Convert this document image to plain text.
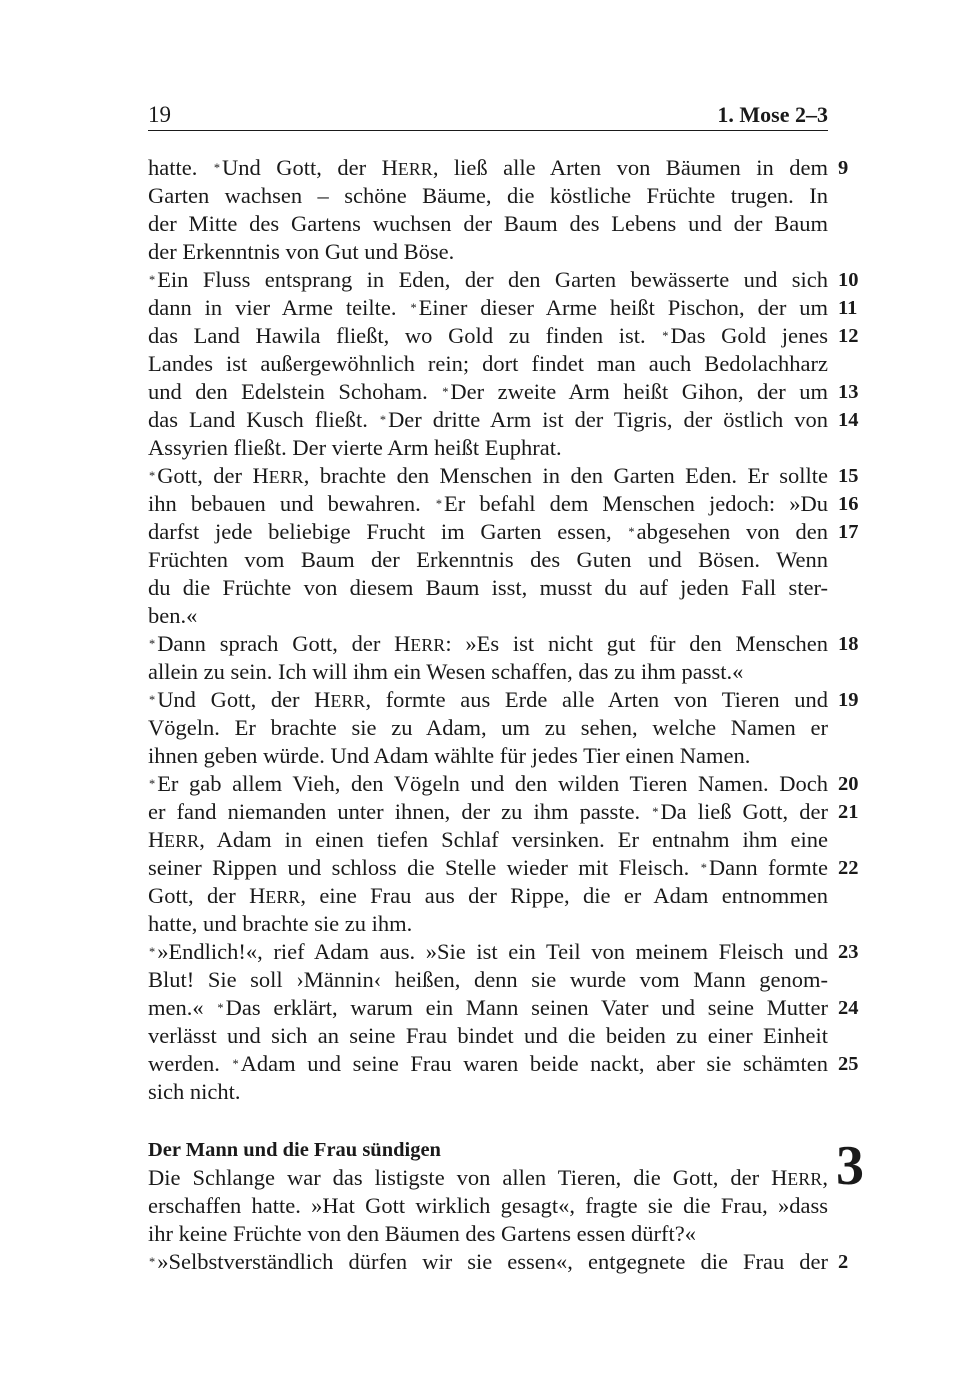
19	1. Mose 2–3
hatte. *Und Gott, der HERR, ließ alle Arten von Bäumen in dem 9
Garten wachsen – schöne Bäume, die köstliche Früchte trugen. In
der Mitte des Gartens wuchsen der Baum des Lebens und der Baum
der Erkenntnis von Gut und Böse.
*Ein Fluss entsprang in Eden, der den Garten bewässerte und sich 10
dann in vier Arme teilte. *Einer dieser Arme heißt Pischon, der um 11
das Land Hawila fließt, wo Gold zu finden ist. *Das Gold jenes 12
Landes ist außergewöhnlich rein; dort findet man auch Bedolachharz
und den Edelstein Schoham. *Der zweite Arm heißt Gihon, der um 13
das Land Kusch fließt. *Der dritte Arm ist der Tigris, der östlich von 14
Assyrien fließt. Der vierte Arm heißt Euphrat.
*Gott, der HERR, brachte den Menschen in den Garten Eden. Er sollte 15
ihn bebauen und bewahren. *Er befahl dem Menschen jedoch: »Du 16
darfst jede beliebige Frucht im Garten essen, *abgesehen von den 17
Früchten vom Baum der Erkenntnis des Guten und Bösen. Wenn
du die Früchte von diesem Baum isst, musst du auf jeden Fall ster-
ben.«
*Dann sprach Gott, der HERR: »Es ist nicht gut für den Menschen 18
allein zu sein. Ich will ihm ein Wesen schaffen, das zu ihm passt.«
*Und Gott, der HERR, formte aus Erde alle Arten von Tieren und 19
Vögeln. Er brachte sie zu Adam, um zu sehen, welche Namen er
ihnen geben würde. Und Adam wählte für jedes Tier einen Namen.
*Er gab allem Vieh, den Vögeln und den wilden Tieren Namen. Doch 20
er fand niemanden unter ihnen, der zu ihm passte. *Da ließ Gott, der 21
HERR, Adam in einen tiefen Schlaf versinken. Er entnahm ihm eine
seiner Rippen und schloss die Stelle wieder mit Fleisch. *Dann formte 22
Gott, der HERR, eine Frau aus der Rippe, die er Adam entnommen
hatte, und brachte sie zu ihm.
*»Endlich!«, rief Adam aus. »Sie ist ein Teil von meinem Fleisch und 23
Blut! Sie soll ›Männin‹ heißen, denn sie wurde vom Mann genom-
men.« *Das erklärt, warum ein Mann seinen Vater und seine Mutter 24
verlässt und sich an seine Frau bindet und die beiden zu einer Einheit
werden. *Adam und seine Frau waren beide nackt, aber sie schämten 25
sich nicht.
Der Mann und die Frau sündigen
Die Schlange war das listigste von allen Tieren, die Gott, der HERR,
erschaffen hatte. »Hat Gott wirklich gesagt«, fragte sie die Frau, »dass
ihr keine Früchte von den Bäumen des Gartens essen dürft?«
*»Selbstverständlich dürfen wir sie essen«, entgegnete die Frau der 2
3
